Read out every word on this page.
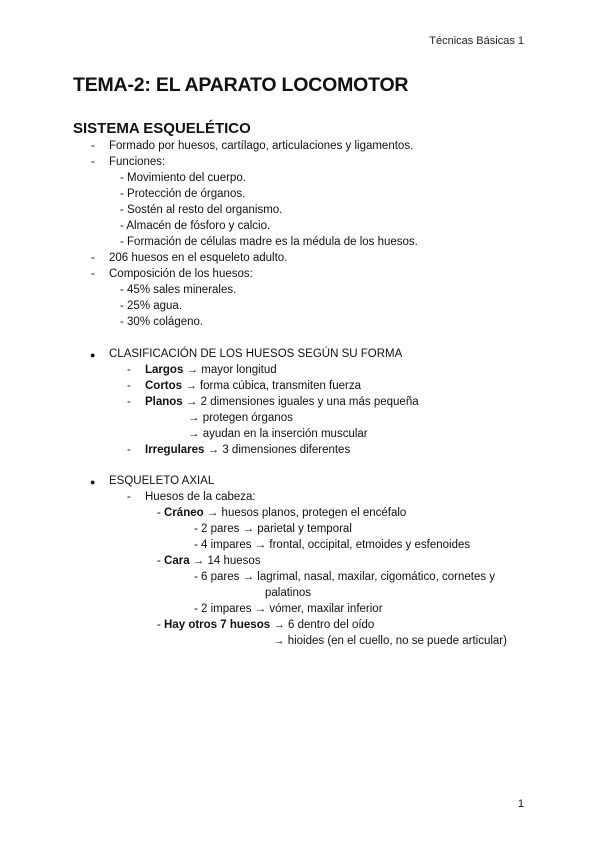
Técnicas Básicas 1
TEMA-2: EL APARATO LOCOMOTOR
SISTEMA ESQUELÉTICO
- Formado por huesos, cartílago, articulaciones y ligamentos.
- Funciones:
- Movimiento del cuerpo.
- Protección de órganos.
- Sostén al resto del organismo.
- Almacén de fósforo y calcio.
- Formación de células madre es la médula de los huesos.
- 206 huesos en el esqueleto adulto.
- Composición de los huesos:
- 45% sales minerales.
- 25% agua.
- 30% colágeno.
● CLASIFICACIÓN DE LOS HUESOS SEGÚN SU FORMA
- Largos → mayor longitud
- Cortos → forma cúbica, transmiten fuerza
- Planos → 2 dimensiones iguales y una más pequeña
→ protegen órganos
→ ayudan en la inserción muscular
- Irregulares → 3 dimensiones diferentes
● ESQUELETO AXIAL
- Huesos de la cabeza:
- Cráneo → huesos planos, protegen el encéfalo
- 2 pares → parietal y temporal
- 4 impares → frontal, occipital, etmoides y esfenoides
- Cara → 14 huesos
- 6 pares → lagrimal, nasal, maxilar, cigomático, cornetes y
palatinos
- 2 impares → vómer, maxilar inferior
- Hay otros 7 huesos → 6 dentro del oído
→ hioides (en el cuello, no se puede articular)
1
